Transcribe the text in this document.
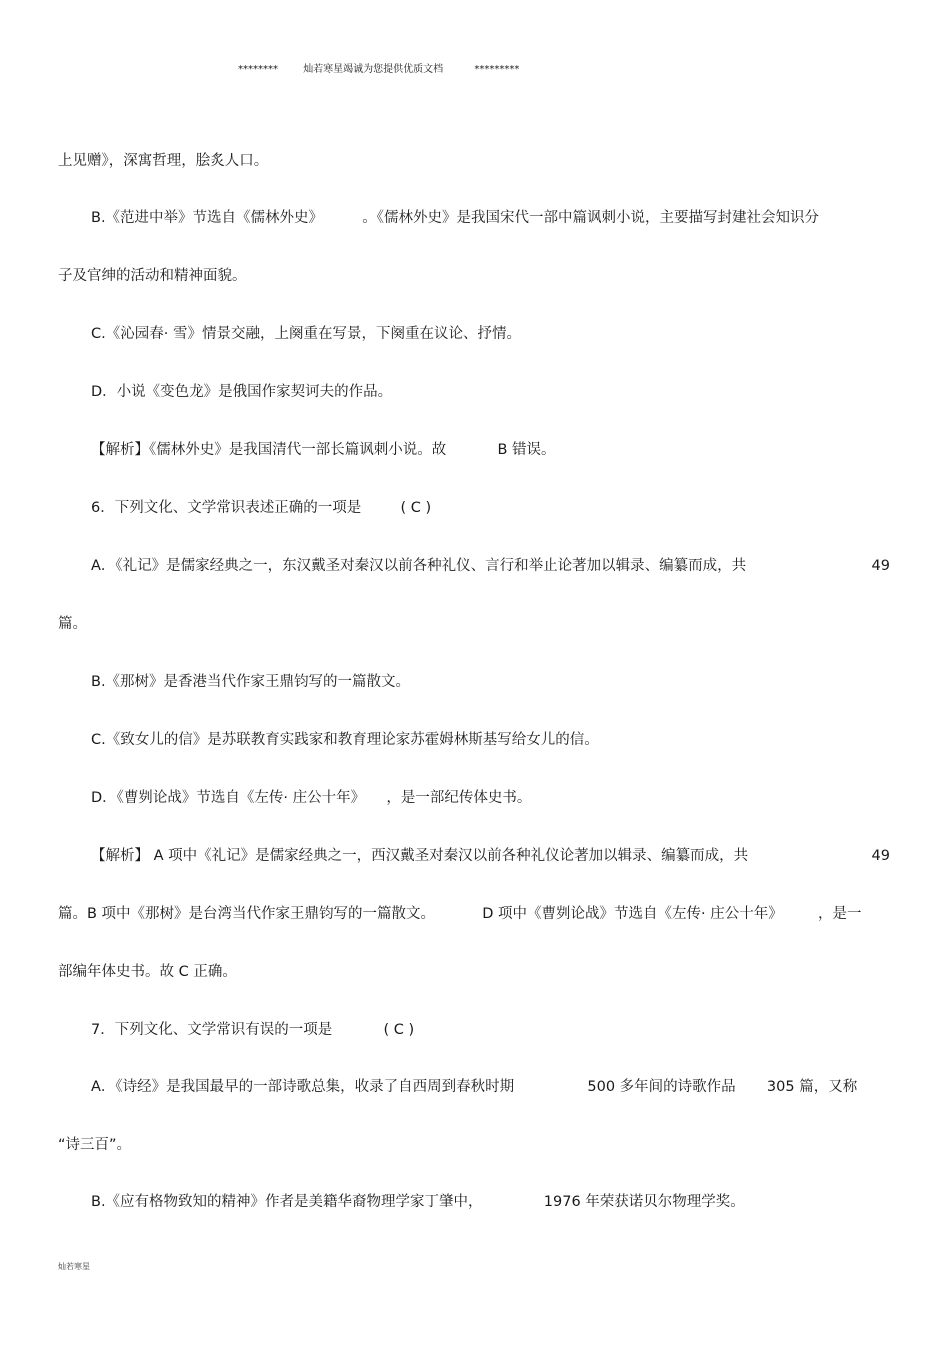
********	灿若寒星竭诚为您提供优质文档	*********
上见赠》，深寓哲理，脍炙人口。
B.《范进中举》节选自《儒林外史》	。《儒林外史》是我国宋代一部中篇讽刺小说，主要描写封建社会知识分
子及官绅的活动和精神面貌。
C.《沁园春· 雪》情景交融，上阕重在写景，下阕重在议论、抒情。
D．小说《变色龙》是俄国作家契诃夫的作品。
【解析】《儒林外史》是我国清代一部长篇讽刺小说。故	B 错误。
6．下列文化、文学常识表述正确的一项是	( C )
A．《礼记》是儒家经典之一，东汉戴圣对秦汉以前各种礼仪、言行和举止论著加以辑录、编纂而成，共	49
篇。
B.《那树》是香港当代作家王鼎钧写的一篇散文。
C.《致女儿的信》是苏联教育实践家和教育理论家苏霍姆林斯基写给女儿的信。
D．《曹刿论战》节选自《左传· 庄公十年》 ，是一部纪传体史书。
【解析】 A 项中《礼记》是儒家经典之一，西汉戴圣对秦汉以前各种礼仪论著加以辑录、编纂而成，共	49
篇。B 项中《那树》是台湾当代作家王鼎钧写的一篇散文。	D 项中《曹刿论战》节选自《左传· 庄公十年》 ，是一
部编年体史书。故 C 正确。
7．下列文化、文学常识有误的一项是	( C )
A．《诗经》是我国最早的一部诗歌总集，收录了自西周到春秋时期	500 多年间的诗歌作品 305 篇，又称
“诗三百”。
B.《应有格物致知的精神》作者是美籍华裔物理学家丁肇中，	1976 年荣获诺贝尔物理学奖。
灿若寒星
